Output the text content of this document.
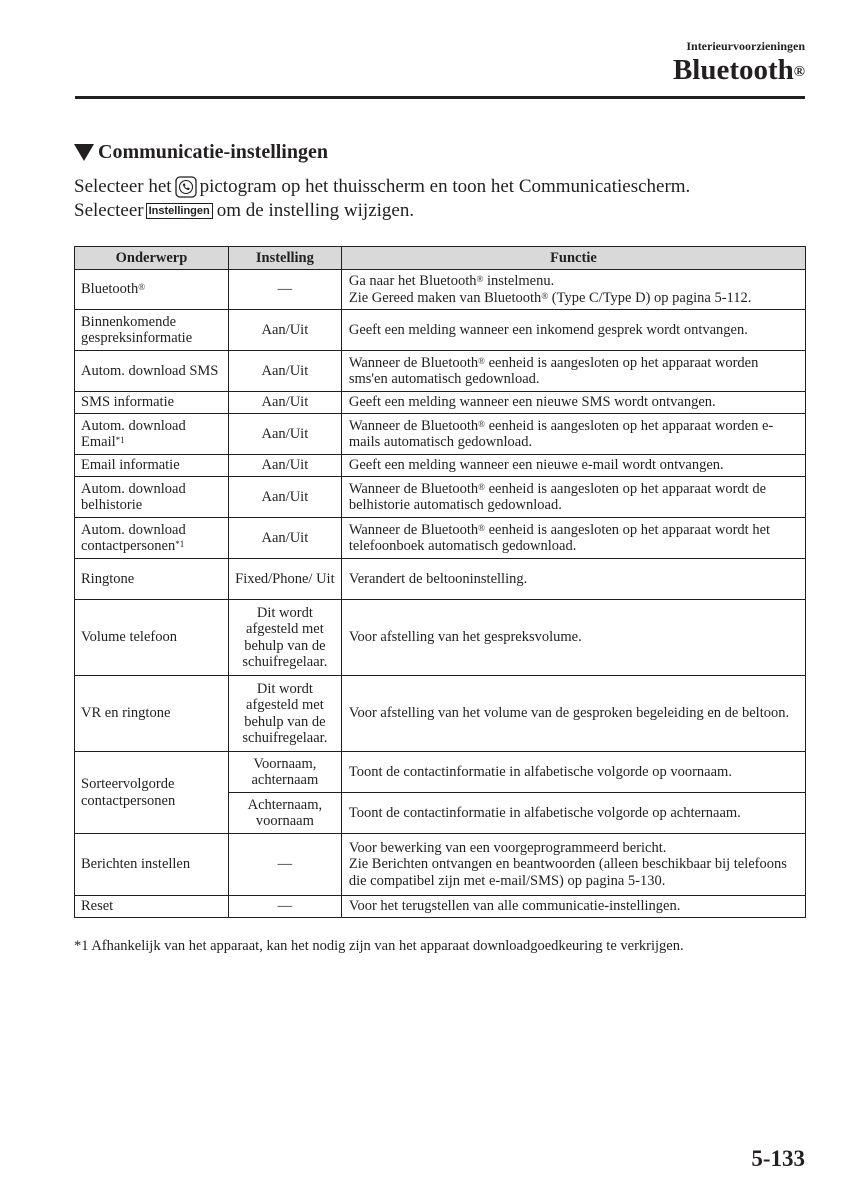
Interieurvoorzieningen
Bluetooth®
Communicatie-instellingen
Selecteer het pictogram op het thuisscherm en toon het Communicatiescherm.
Selecteer Instellingen om de instelling wijzigen.
Onderwerp	Instelling	Functie
Bluetooth®	—	Ga naar het Bluetooth® instelmenu.
Zie Gereed maken van Bluetooth® (Type C/Type D) op pagina 5-112.
Binnenkomende gespreksinformatie	Aan/Uit	Geeft een melding wanneer een inkomend gesprek wordt ontvangen.
Autom. download SMS	Aan/Uit	Wanneer de Bluetooth® eenheid is aangesloten op het apparaat worden sms'en automatisch gedownload.
SMS informatie	Aan/Uit	Geeft een melding wanneer een nieuwe SMS wordt ontvangen.
Autom. download Email$^{*1}$	Aan/Uit	Wanneer de Bluetooth® eenheid is aangesloten op het apparaat worden e-mails automatisch gedownload.
Email informatie	Aan/Uit	Geeft een melding wanneer een nieuwe e-mail wordt ontvangen.
Autom. download belhistorie	Aan/Uit	Wanneer de Bluetooth® eenheid is aangesloten op het apparaat wordt de belhistorie automatisch gedownload.
Autom. download contactpersonen$^{*1}$	Aan/Uit	Wanneer de Bluetooth® eenheid is aangesloten op het apparaat wordt het telefoonboek automatisch gedownload.
Ringtone	Fixed/Phone/ Uit	Verandert de beltooninstelling.
Volume telefoon	Dit wordt afgesteld met behulp van de schuifregelaar.	Voor afstelling van het gespreksvolume.
VR en ringtone	Dit wordt afgesteld met behulp van de schuifregelaar.	Voor afstelling van het volume van de gesproken begeleiding en de beltoon.
Sorteervolgorde contactpersonen	Voornaam, achternaam	Toont de contactinformatie in alfabetische volgorde op voornaam.
	Achternaam, voornaam	Toont de contactinformatie in alfabetische volgorde op achternaam.
Berichten instellen	—	Voor bewerking van een voorgeprogrammeerd bericht.
Zie Berichten ontvangen en beantwoorden (alleen beschikbaar bij telefoons die compatibel zijn met e-mail/SMS) op pagina 5-130.
Reset	—	Voor het terugstellen van alle communicatie-instellingen.
*1 Afhankelijk van het apparaat, kan het nodig zijn van het apparaat downloadgoedkeuring te verkrijgen.
5-133
